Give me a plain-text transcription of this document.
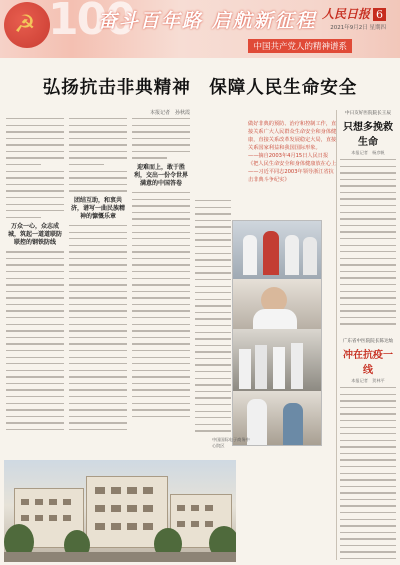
☭ 100
奋斗百年路 启航新征程
中国共产党人的精神谱系
人民日报 6
2021年9月2日 星期四
弘扬抗击非典精神　保障人民生命安全
本报记者　孙秋霞
万众一心，众志成城，筑起一道道联防联控的钢铁防线
团结互助，和衷共济，谱写一曲民族精神的慷慨乐章
迎难而上，敢于胜利，交出一份令世界满意的中国答卷
做好非典的预防、治疗和控制工作，直接关系广大人民群众生命安全和身体健康，直接关系改革发展稳定大局，直接关系国家利益和我国国际形象。
——摘自2003年4月15日人民日报《把人民生命安全和身体健康放在心上——习近平同志2003年领导浙江省抗击非典斗争纪实》
中日友好医院院长王辰
只想多挽救生命
本报记者　杨彦帆
广东省中医院院长陈达灿
冲在抗疫一线
本报记者　贺林平
中国国际电子商务中心院区
